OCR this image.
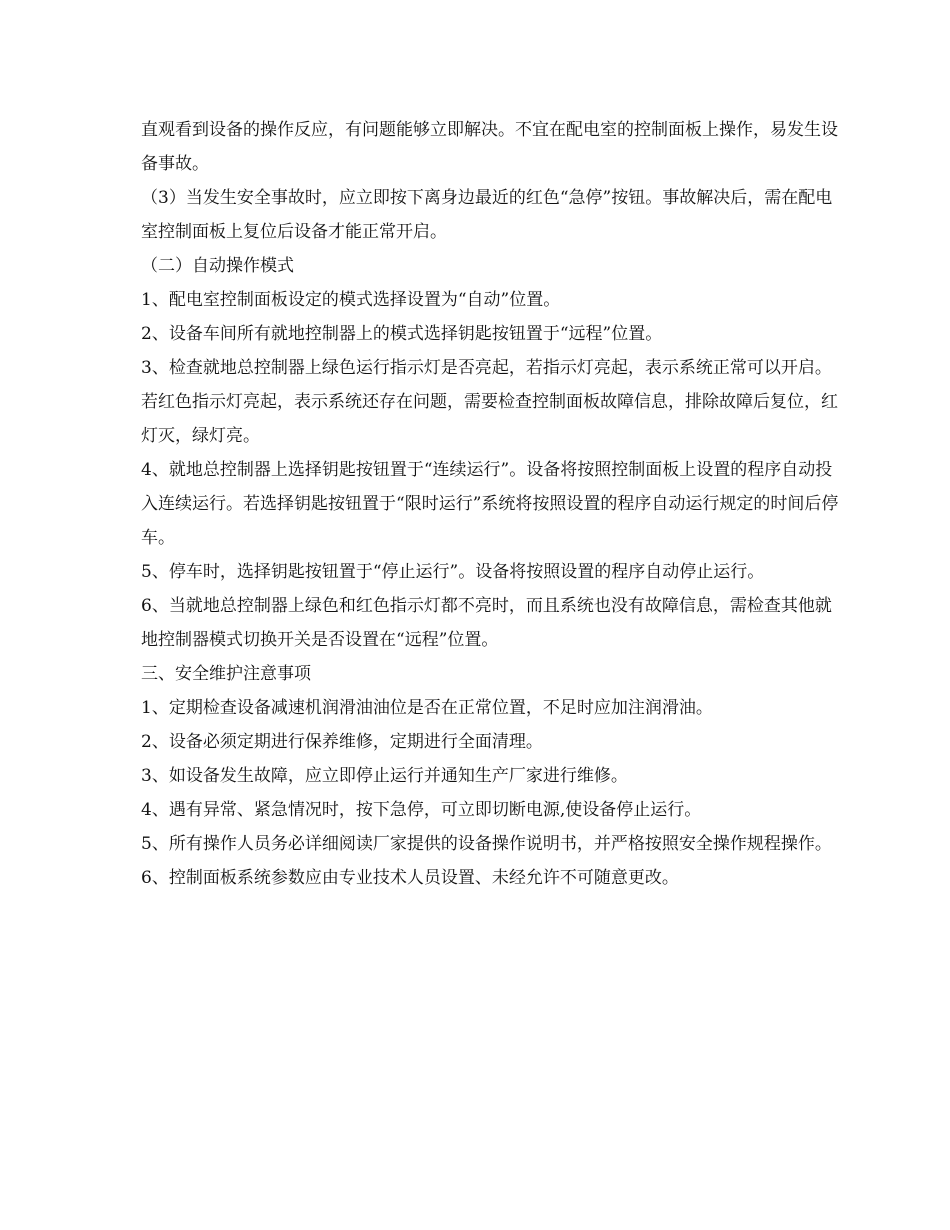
直观看到设备的操作反应，有问题能够立即解决。不宜在配电室的控制面板上操作，易发生设备事故。

（3）当发生安全事故时，应立即按下离身边最近的红色“急停”按钮。事故解决后，需在配电室控制面板上复位后设备才能正常开启。

（二）自动操作模式

1、配电室控制面板设定的模式选择设置为“自动”位置。

2、设备车间所有就地控制器上的模式选择钥匙按钮置于“远程”位置。

3、检查就地总控制器上绿色运行指示灯是否亮起，若指示灯亮起，表示系统正常可以开启。若红色指示灯亮起，表示系统还存在问题，需要检查控制面板故障信息，排除故障后复位，红灯灭，绿灯亮。

4、就地总控制器上选择钥匙按钮置于“连续运行”。设备将按照控制面板上设置的程序自动投入连续运行。若选择钥匙按钮置于“限时运行”系统将按照设置的程序自动运行规定的时间后停车。

5、停车时，选择钥匙按钮置于“停止运行”。设备将按照设置的程序自动停止运行。

6、当就地总控制器上绿色和红色指示灯都不亮时，而且系统也没有故障信息，需检查其他就地控制器模式切换开关是否设置在“远程”位置。

三、安全维护注意事项

1、定期检查设备减速机润滑油油位是否在正常位置，不足时应加注润滑油。

2、设备必须定期进行保养维修，定期进行全面清理。

3、如设备发生故障，应立即停止运行并通知生产厂家进行维修。

4、遇有异常、紧急情况时，按下急停，可立即切断电源,使设备停止运行。

5、所有操作人员务必详细阅读厂家提供的设备操作说明书，并严格按照安全操作规程操作。

6、控制面板系统参数应由专业技术人员设置、未经允许不可随意更改。
